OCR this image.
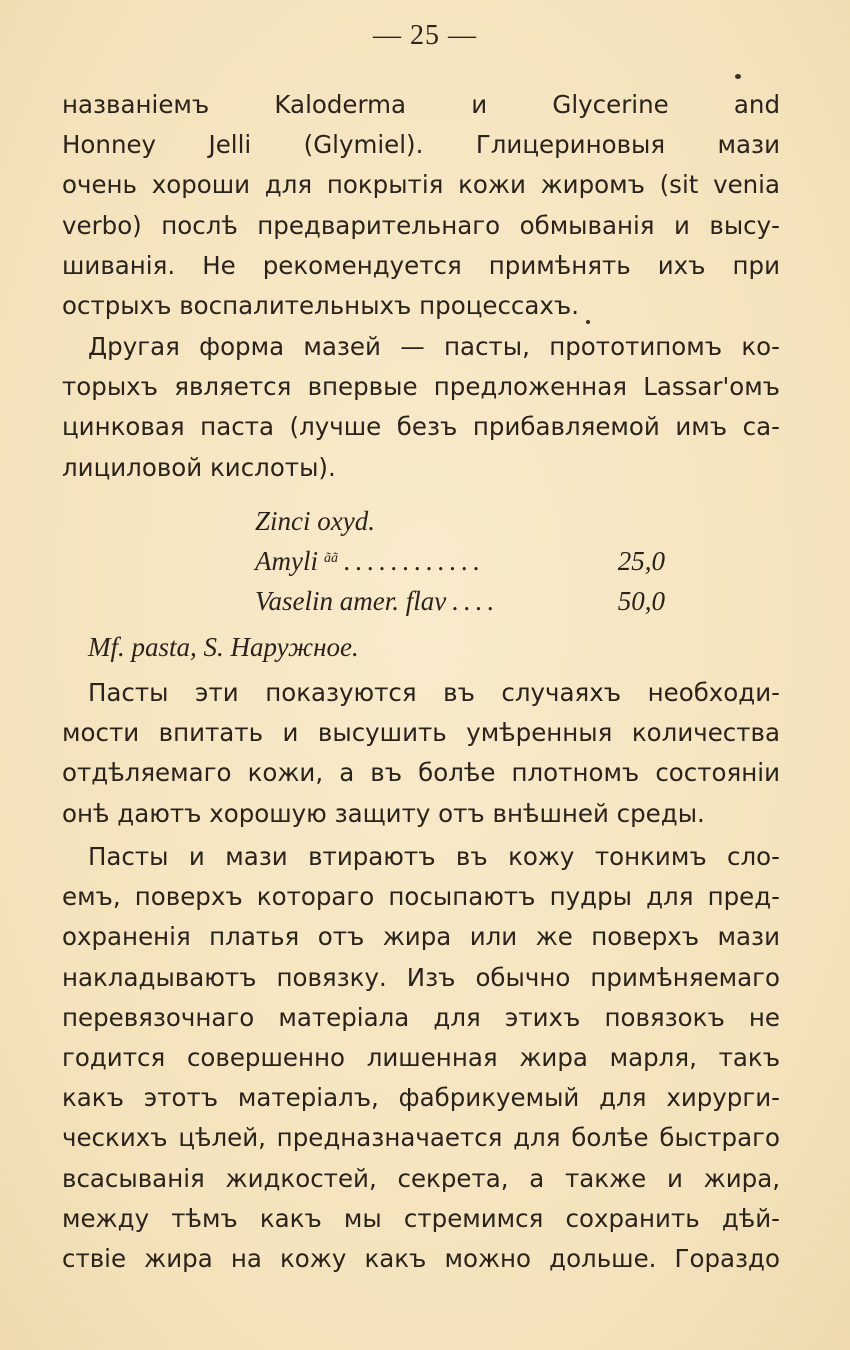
— 25 —
названіемъ Kaloderma и Glycerine and
Honney Jelli (Glymiel). Глицериновыя мази
очень хороши для покрытія кожи жиромъ (sit venia
verbo) послѣ предварительнаго обмыванія и высу-
шиванія. Не рекомендуется примѣнять ихъ при
острыхъ воспалительныхъ процессахъ.
Другая форма мазей — пасты, прототипомъ ко-
торыхъ является впервые предложенная Lassar'омъ
цинковая паста (лучше безъ прибавляемой имъ са-
лициловой кислоты).
Zinci oxyd.
Amyli ãã ............	25,0
Vaselin amer. flav ....	50,0
Mf. pasta, S. Наружное.
Пасты эти показуются въ случаяхъ необходи-
мости впитать и высушить умѣренныя количества
отдѣляемаго кожи, а въ болѣе плотномъ состояніи
онѣ даютъ хорошую защиту отъ внѣшней среды.
Пасты и мази втираютъ въ кожу тонкимъ сло-
емъ, поверхъ котораго посыпаютъ пудры для пред-
охраненія платья отъ жира или же поверхъ мази
накладываютъ повязку. Изъ обычно примѣняемаго
перевязочнаго матеріала для этихъ повязокъ не
годится совершенно лишенная жира марля, такъ
какъ этотъ матеріалъ, фабрикуемый для хирурги-
ческихъ цѣлей, предназначается для болѣе быстраго
всасыванія жидкостей, секрета, а также и жира,
между тѣмъ какъ мы стремимся сохранить дѣй-
ствіе жира на кожу какъ можно дольше. Гораздо
